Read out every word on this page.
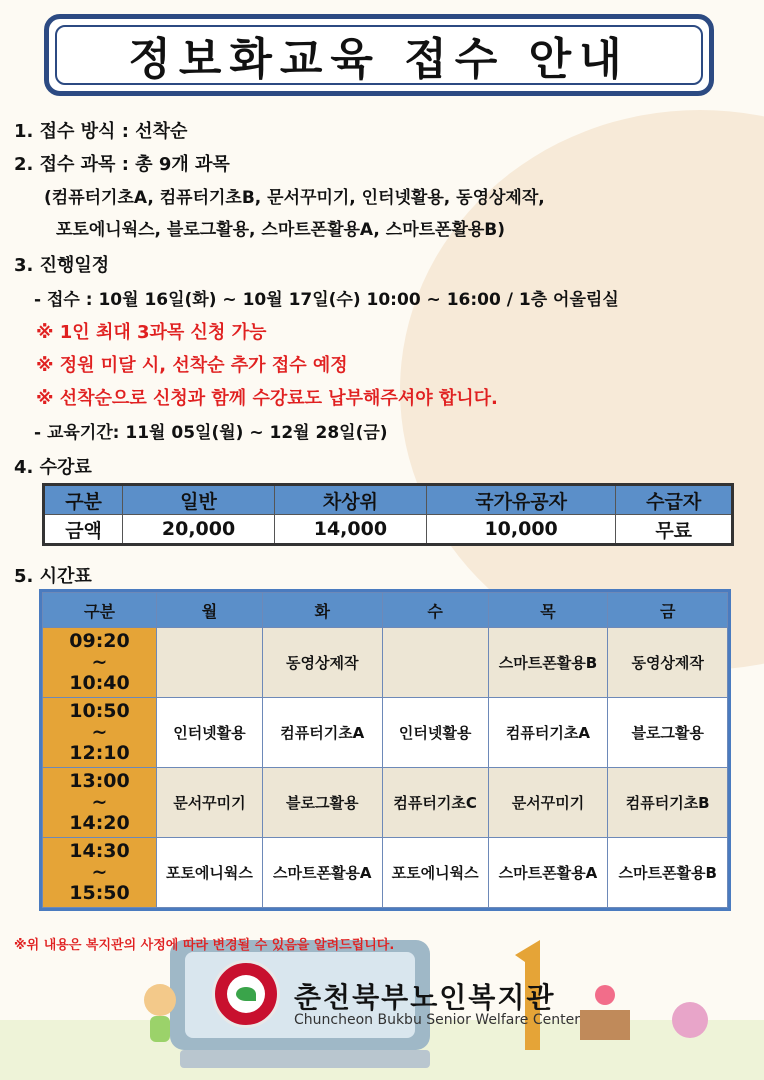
정보화교육 접수 안내
1. 접수 방식 : 선착순
2. 접수 과목 : 총 9개 과목
(컴퓨터기초A, 컴퓨터기초B, 문서꾸미기, 인터넷활용, 동영상제작,
포토에니웍스, 블로그활용, 스마트폰활용A, 스마트폰활용B)
3. 진행일정
- 접수 : 10월 16일(화) ~ 10월 17일(수) 10:00 ~ 16:00 / 1층 어울림실
※ 1인 최대 3과목 신청 가능
※ 정원 미달 시, 선착순 추가 접수 예정
※ 선착순으로 신청과 함께 수강료도 납부해주셔야 합니다.
- 교육기간: 11월 05일(월) ~ 12월 28일(금)
4. 수강료
구분	일반	차상위	국가유공자	수급자
금액	20,000	14,000	10,000	무료
5. 시간표
구분	월	화	수	목	금

09:20
~
10:40		동영상제작		스마트폰활용B	동영상제작

10:50
~
12:10	인터넷활용	컴퓨터기초A	인터넷활용	컴퓨터기초A	블로그활용

13:00
~
14:20	문서꾸미기	블로그활용	컴퓨터기초C	문서꾸미기	컴퓨터기초B

14:30
~
15:50	포토에니웍스	스마트폰활용A	포토에니웍스	스마트폰활용A	스마트폰활용B
※위 내용은 복지관의 사정에 따라 변경될 수 있음을 알려드립니다.
춘천북부노인복지관
Chuncheon Bukbu Senior Welfare Center
